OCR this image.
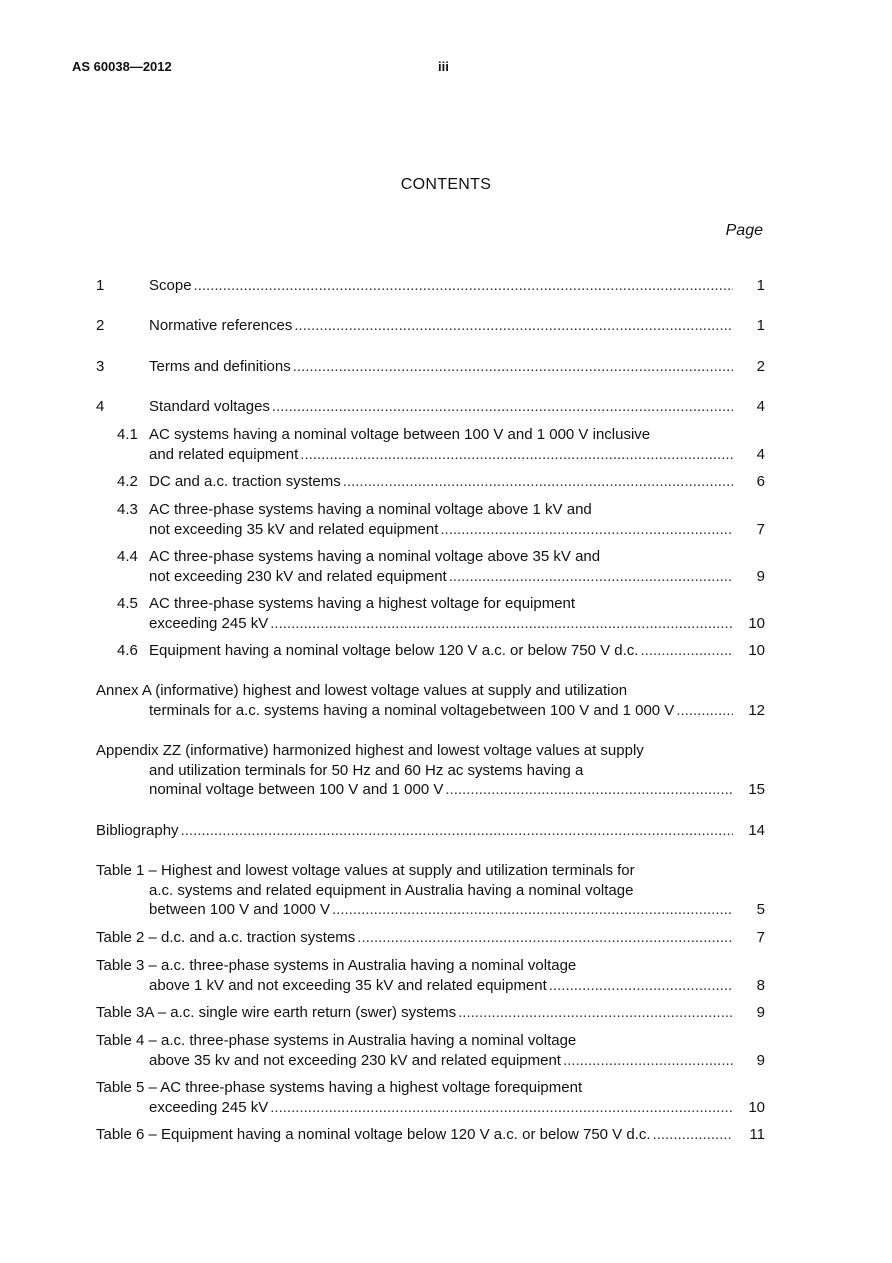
AS 60038—2012	iii
CONTENTS
Page
1	Scope .....	1
2	Normative references .....	1
3	Terms and definitions .....	2
4	Standard voltages .....	4
4.1 AC systems having a nominal voltage between 100 V and 1 000 V inclusive
and related equipment .....	4
4.2 DC and a.c. traction systems .....	6
4.3 AC three-phase systems having a nominal voltage above 1 kV and
not exceeding 35 kV and related equipment .....	7
4.4 AC three-phase systems having a nominal voltage above 35 kV and
not exceeding 230 kV and related equipment .....	9
4.5 AC three-phase systems having a highest voltage for equipment
exceeding 245 kV .....	10
4.6 Equipment having a nominal voltage below 120 V a.c. or below 750 V d.c. .....	10
Annex A (informative) highest and lowest voltage values at supply and utilization
terminals for a.c. systems having a nominal voltagebetween 100 V and 1 000 V .....	12
Appendix ZZ (informative) harmonized highest and lowest voltage values at supply
and utilization terminals for 50 Hz and 60 Hz ac systems having a
nominal voltage between 100 V and 1 000 V .....	15
Bibliography .....	14
Table 1 – Highest and lowest voltage values at supply and utilization terminals for
a.c. systems and related equipment in Australia having a nominal voltage
between 100 V and 1000 V .....	5
Table 2 – d.c. and a.c. traction systems .....	7
Table 3 – a.c. three-phase systems in Australia having a nominal voltage
above 1 kV and not exceeding 35 kV and related equipment .....	8
Table 3A – a.c. single wire earth return (swer) systems .....	9
Table 4 – a.c. three-phase systems in Australia having a nominal voltage
above 35 kv and not exceeding 230 kV and related equipment .....	9
Table 5 – AC three-phase systems having a highest voltage forequipment
exceeding 245 kV .....	10
Table 6 – Equipment having a nominal voltage below 120 V a.c. or below 750 V d.c. .....	11
